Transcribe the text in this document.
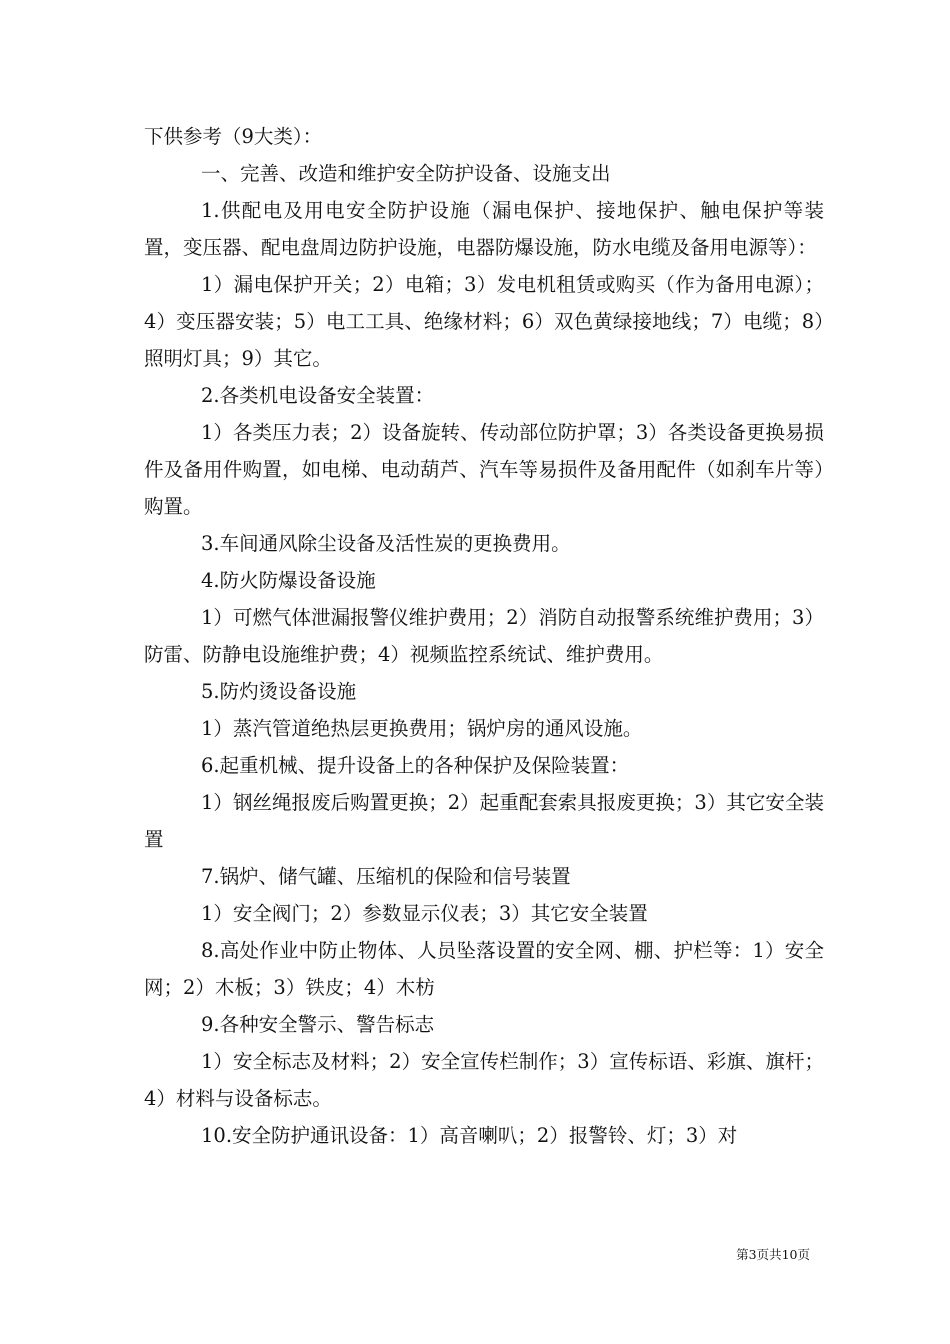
下供参考（9大类）：

一、完善、改造和维护安全防护设备、设施支出

1.供配电及用电安全防护设施（漏电保护、接地保护、触电保护等装置，变压器、配电盘周边防护设施，电器防爆设施，防水电缆及备用电源等）：

1）漏电保护开关；2）电箱；3）发电机租赁或购买（作为备用电源）；4）变压器安装；5）电工工具、绝缘材料；6）双色黄绿接地线；7）电缆；8）照明灯具；9）其它。

2.各类机电设备安全装置：

1）各类压力表；2）设备旋转、传动部位防护罩；3）各类设备更换易损件及备用件购置，如电梯、电动葫芦、汽车等易损件及备用配件（如刹车片等）购置。

3.车间通风除尘设备及活性炭的更换费用。

4.防火防爆设备设施

1）可燃气体泄漏报警仪维护费用；2）消防自动报警系统维护费用；3）防雷、防静电设施维护费；4）视频监控系统试、维护费用。

5.防灼烫设备设施

1）蒸汽管道绝热层更换费用；锅炉房的通风设施。

6.起重机械、提升设备上的各种保护及保险装置：

1）钢丝绳报废后购置更换；2）起重配套索具报废更换；3）其它安全装置

7.锅炉、储气罐、压缩机的保险和信号装置

1）安全阀门；2）参数显示仪表；3）其它安全装置

8.高处作业中防止物体、人员坠落设置的安全网、棚、护栏等：1）安全网；2）木板；3）铁皮；4）木枋

9.各种安全警示、警告标志

1）安全标志及材料；2）安全宣传栏制作；3）宣传标语、彩旗、旗杆；4）材料与设备标志。

10.安全防护通讯设备：1）高音喇叭；2）报警铃、灯；3）对

第3页共10页
